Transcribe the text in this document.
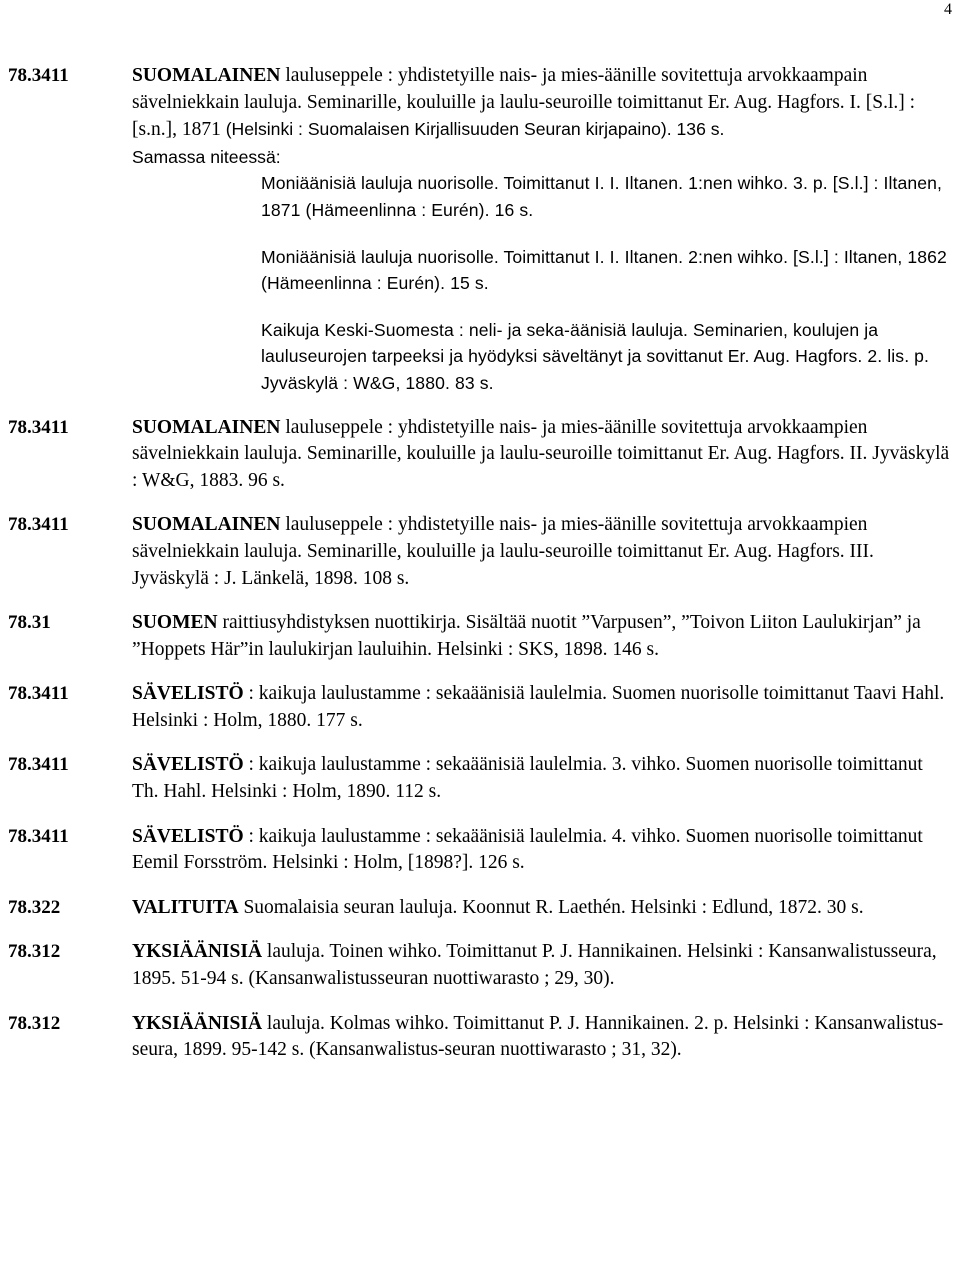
4
78.3411	SUOMALAINEN lauluseppele : yhdistetyille nais- ja mies-äänille sovitettuja arvokkaampain sävelniekkain lauluja. Seminarille, kouluille ja laulu-seuroille toimittanut Er. Aug. Hagfors. I. [S.l.] : [s.n.], 1871 (Helsinki : Suomalaisen Kirjallisuuden Seuran kirjapaino). 136 s.
Samassa niteessä:
Moniäänisiä lauluja nuorisolle. Toimittanut I. I. Iltanen. 1:nen wihko. 3. p. [S.l.] : Iltanen, 1871 (Hämeenlinna : Eurén). 16 s.
Moniäänisiä lauluja nuorisolle. Toimittanut I. I. Iltanen. 2:nen wihko. [S.l.] : Iltanen, 1862 (Hämeenlinna : Eurén). 15 s.
Kaikuja Keski-Suomesta : neli- ja seka-äänisiä lauluja. Seminarien, koulujen ja lauluseurojen tarpeeksi ja hyödyksi säveltänyt ja sovittanut Er. Aug. Hagfors. 2. lis. p. Jyväskylä : W&G, 1880. 83 s.
78.3411	SUOMALAINEN lauluseppele : yhdistetyille nais- ja mies-äänille sovitettuja arvokkaampien sävelniekkain lauluja. Seminarille, kouluille ja laulu-seuroille toimittanut Er. Aug. Hagfors. II. Jyväskylä : W&G, 1883. 96 s.
78.3411	SUOMALAINEN lauluseppele : yhdistetyille nais- ja mies-äänille sovitettuja arvokkaampien sävelniekkain lauluja. Seminarille, kouluille ja laulu-seuroille toimittanut Er. Aug. Hagfors. III. Jyväskylä : J. Länkelä, 1898. 108 s.
78.31	SUOMEN raittiusyhdistyksen nuottikirja. Sisältää nuotit ”Varpusen”, ”Toivon Liiton Laulukirjan” ja ”Hoppets Här”in laulukirjan lauluihin. Helsinki : SKS, 1898. 146 s.
78.3411	SÄVELISTÖ : kaikuja laulustamme : sekaäänisiä laulelmia. Suomen nuorisolle toimittanut Taavi Hahl. Helsinki : Holm, 1880. 177 s.
78.3411	SÄVELISTÖ : kaikuja laulustamme : sekaäänisiä laulelmia. 3. vihko. Suomen nuorisolle toimittanut Th. Hahl. Helsinki : Holm, 1890. 112 s.
78.3411	SÄVELISTÖ : kaikuja laulustamme : sekaäänisiä laulelmia. 4. vihko. Suomen nuorisolle toimittanut Eemil Forsström. Helsinki : Holm, [1898?]. 126 s.
78.322	VALITUITA Suomalaisia seuran lauluja. Koonnut R. Laethén. Helsinki : Edlund, 1872. 30 s.
78.312	YKSIÄÄNISIÄ lauluja. Toinen wihko. Toimittanut P. J. Hannikainen. Helsinki : Kansanwalistusseura, 1895. 51-94 s. (Kansanwalistusseuran nuottiwarasto ; 29, 30).
78.312	YKSIÄÄNISIÄ lauluja. Kolmas wihko. Toimittanut P. J. Hannikainen. 2. p. Helsinki : Kansanwalistus-seura, 1899. 95-142 s. (Kansanwalistus-seuran nuottiwarasto ; 31, 32).
